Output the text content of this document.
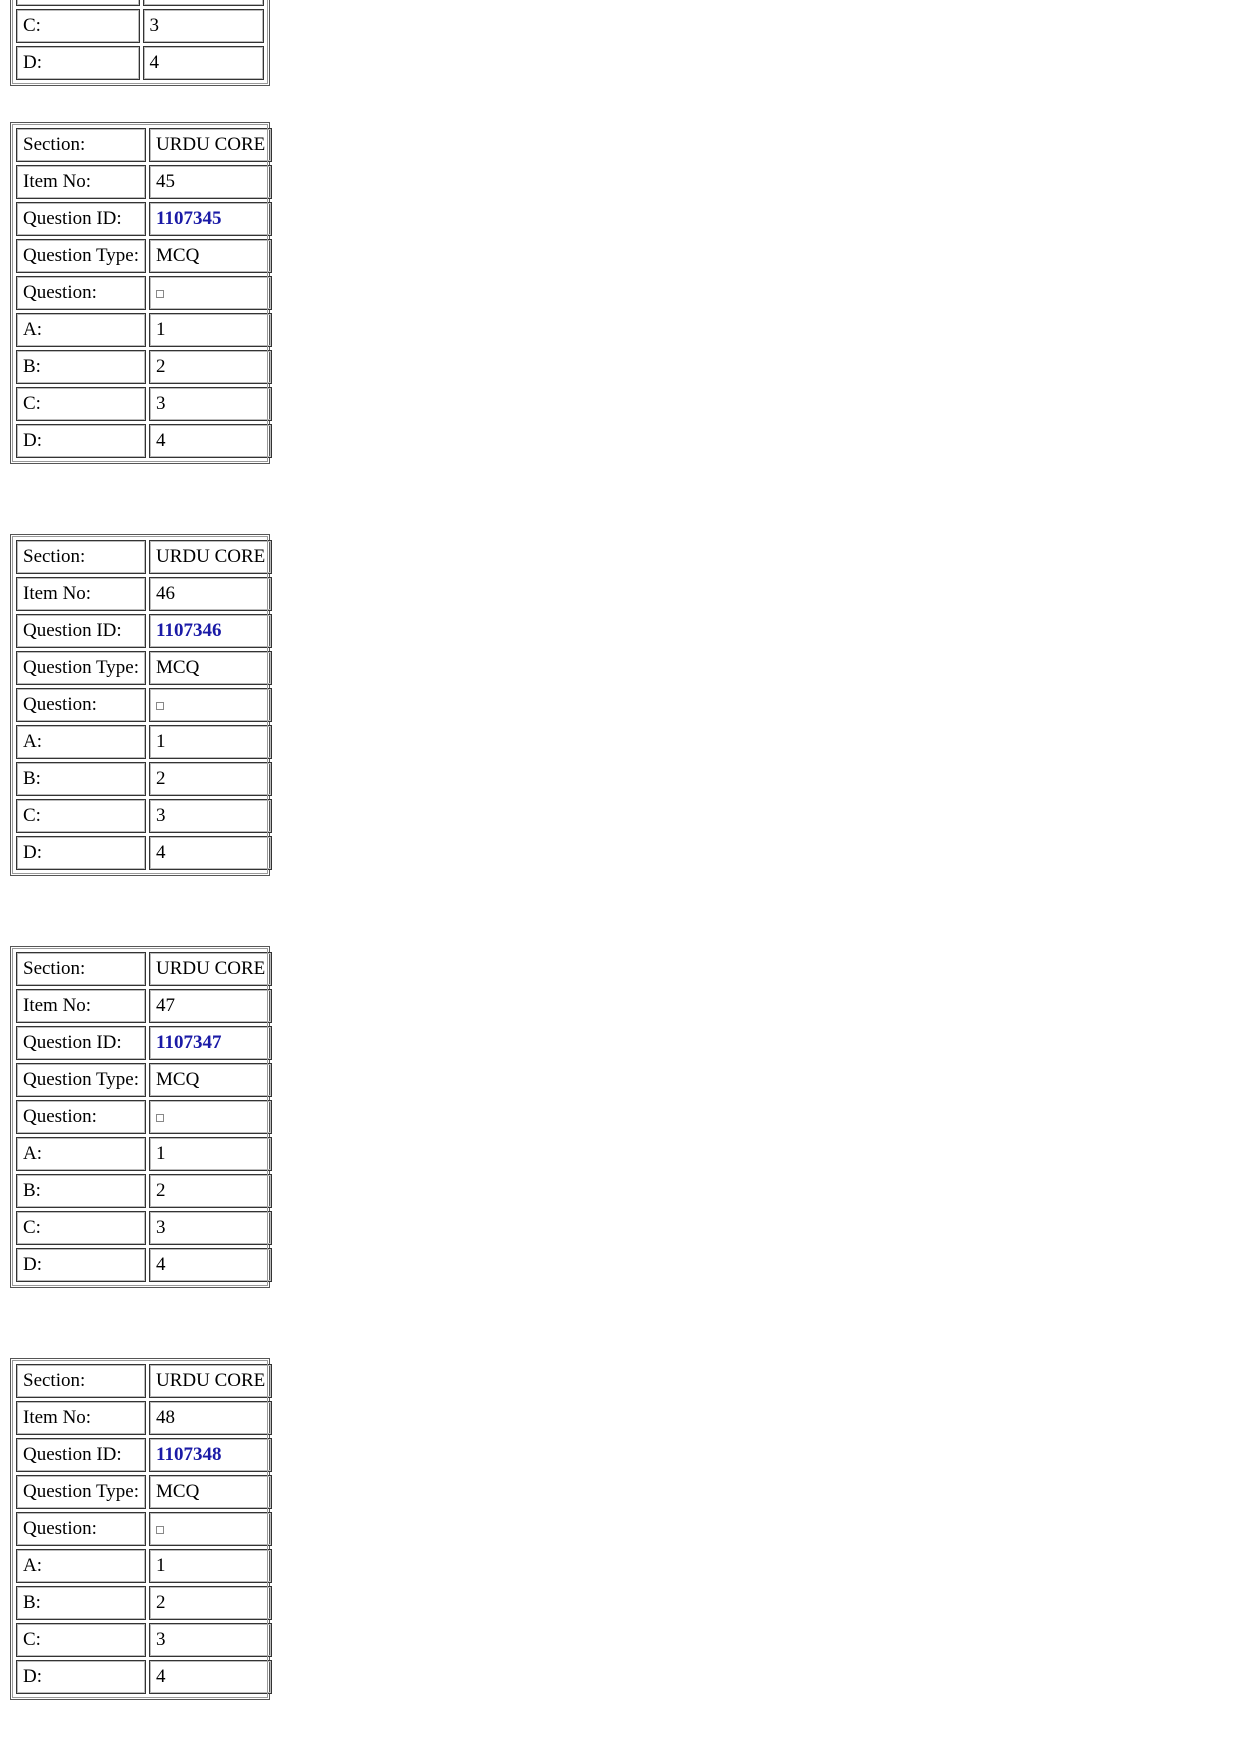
C:	3
D:	4
Section:	URDU CORE
Item No:	45
Question ID:	1107345
Question Type:	MCQ
Question:	
A:	1
B:	2
C:	3
D:	4
Section:	URDU CORE
Item No:	46
Question ID:	1107346
Question Type:	MCQ
Question:	
A:	1
B:	2
C:	3
D:	4
Section:	URDU CORE
Item No:	47
Question ID:	1107347
Question Type:	MCQ
Question:	
A:	1
B:	2
C:	3
D:	4
Section:	URDU CORE
Item No:	48
Question ID:	1107348
Question Type:	MCQ
Question:	
A:	1
B:	2
C:	3
D:	4
